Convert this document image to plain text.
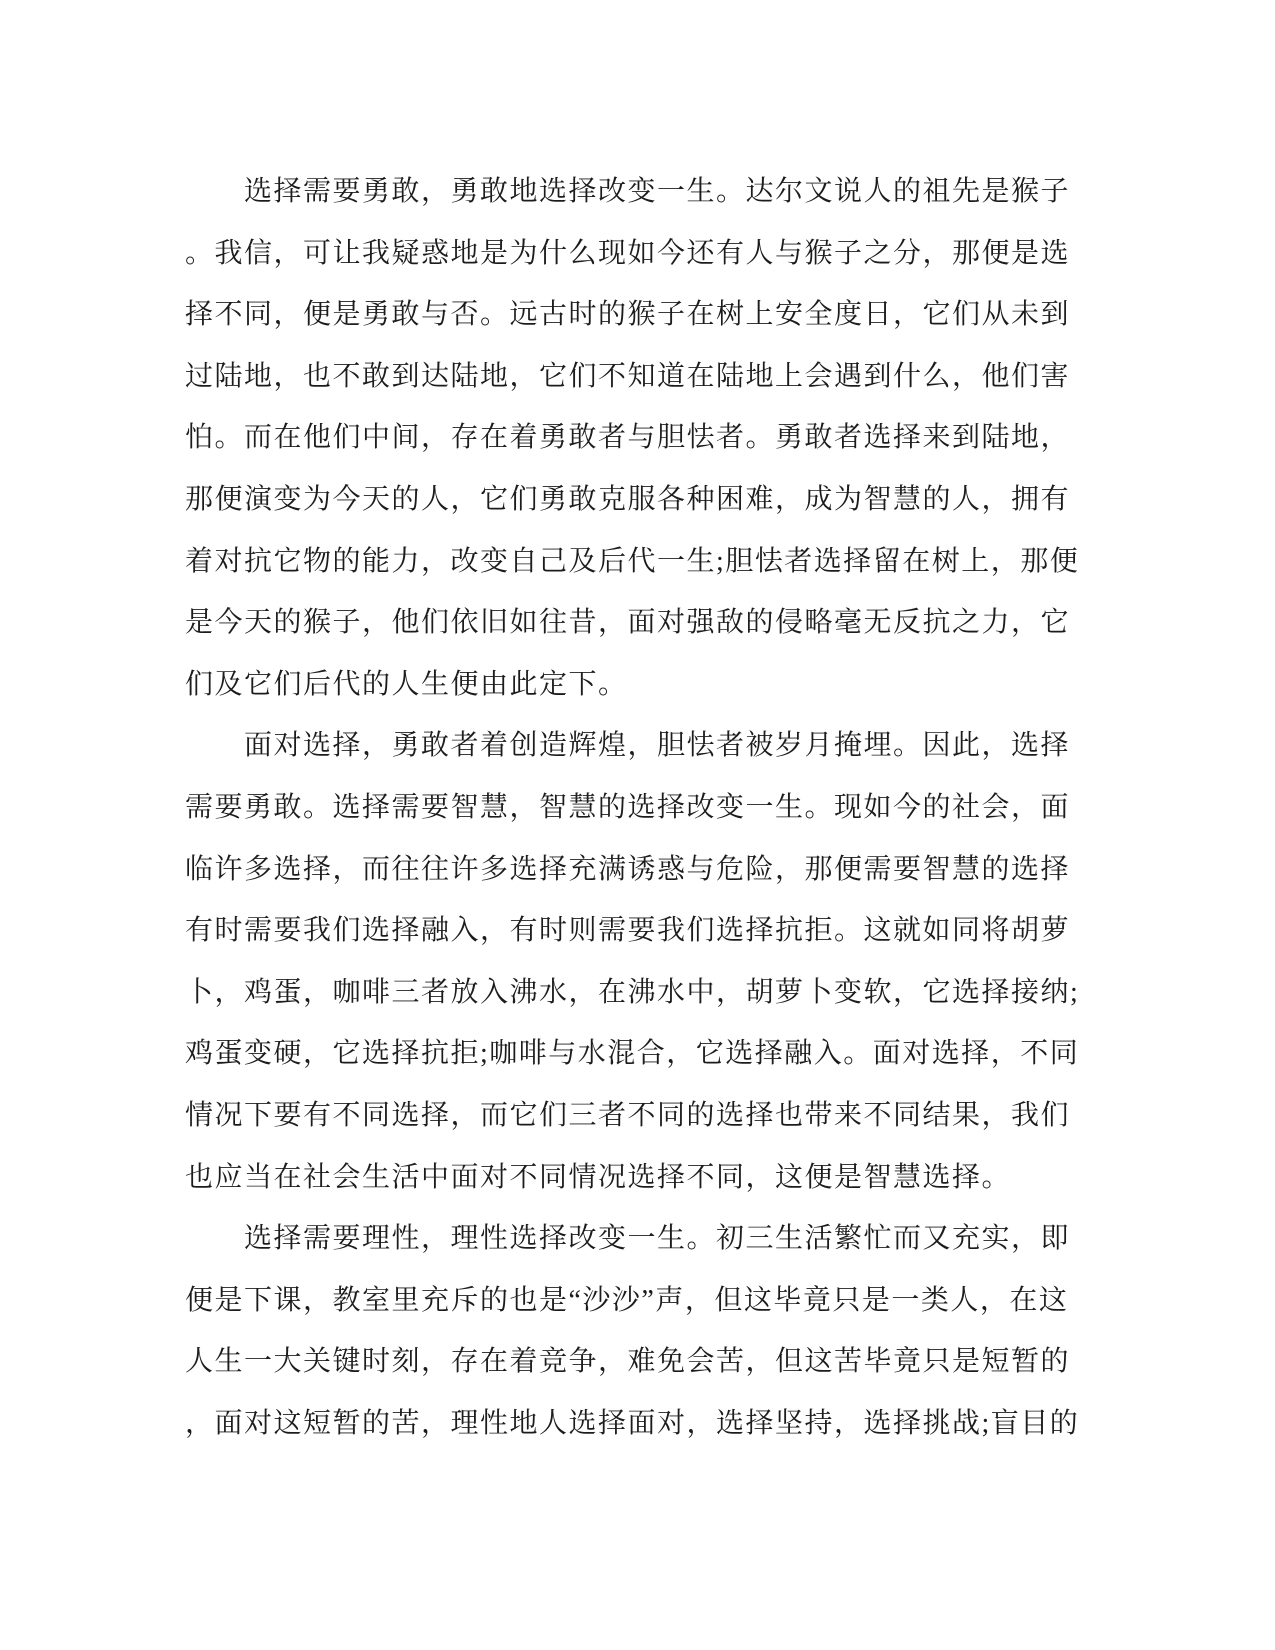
选择需要勇敢，勇敢地选择改变一生。达尔文说人的祖先是猴子
。我信，可让我疑惑地是为什么现如今还有人与猴子之分，那便是选
择不同，便是勇敢与否。远古时的猴子在树上安全度日，它们从未到
过陆地，也不敢到达陆地，它们不知道在陆地上会遇到什么，他们害
怕。而在他们中间，存在着勇敢者与胆怯者。勇敢者选择来到陆地，
那便演变为今天的人，它们勇敢克服各种困难，成为智慧的人，拥有
着对抗它物的能力，改变自己及后代一生;胆怯者选择留在树上，那便
是今天的猴子，他们依旧如往昔，面对强敌的侵略毫无反抗之力，它
们及它们后代的人生便由此定下。
面对选择，勇敢者着创造辉煌，胆怯者被岁月掩埋。因此，选择
需要勇敢。选择需要智慧，智慧的选择改变一生。现如今的社会，面
临许多选择，而往往许多选择充满诱惑与危险，那便需要智慧的选择
有时需要我们选择融入，有时则需要我们选择抗拒。这就如同将胡萝
卜，鸡蛋，咖啡三者放入沸水，在沸水中，胡萝卜变软，它选择接纳;
鸡蛋变硬，它选择抗拒;咖啡与水混合，它选择融入。面对选择，不同
情况下要有不同选择，而它们三者不同的选择也带来不同结果，我们
也应当在社会生活中面对不同情况选择不同，这便是智慧选择。
选择需要理性，理性选择改变一生。初三生活繁忙而又充实，即
便是下课，教室里充斥的也是“沙沙”声，但这毕竟只是一类人，在这
人生一大关键时刻，存在着竞争，难免会苦，但这苦毕竟只是短暂的
，面对这短暂的苦，理性地人选择面对，选择坚持，选择挑战;盲目的
